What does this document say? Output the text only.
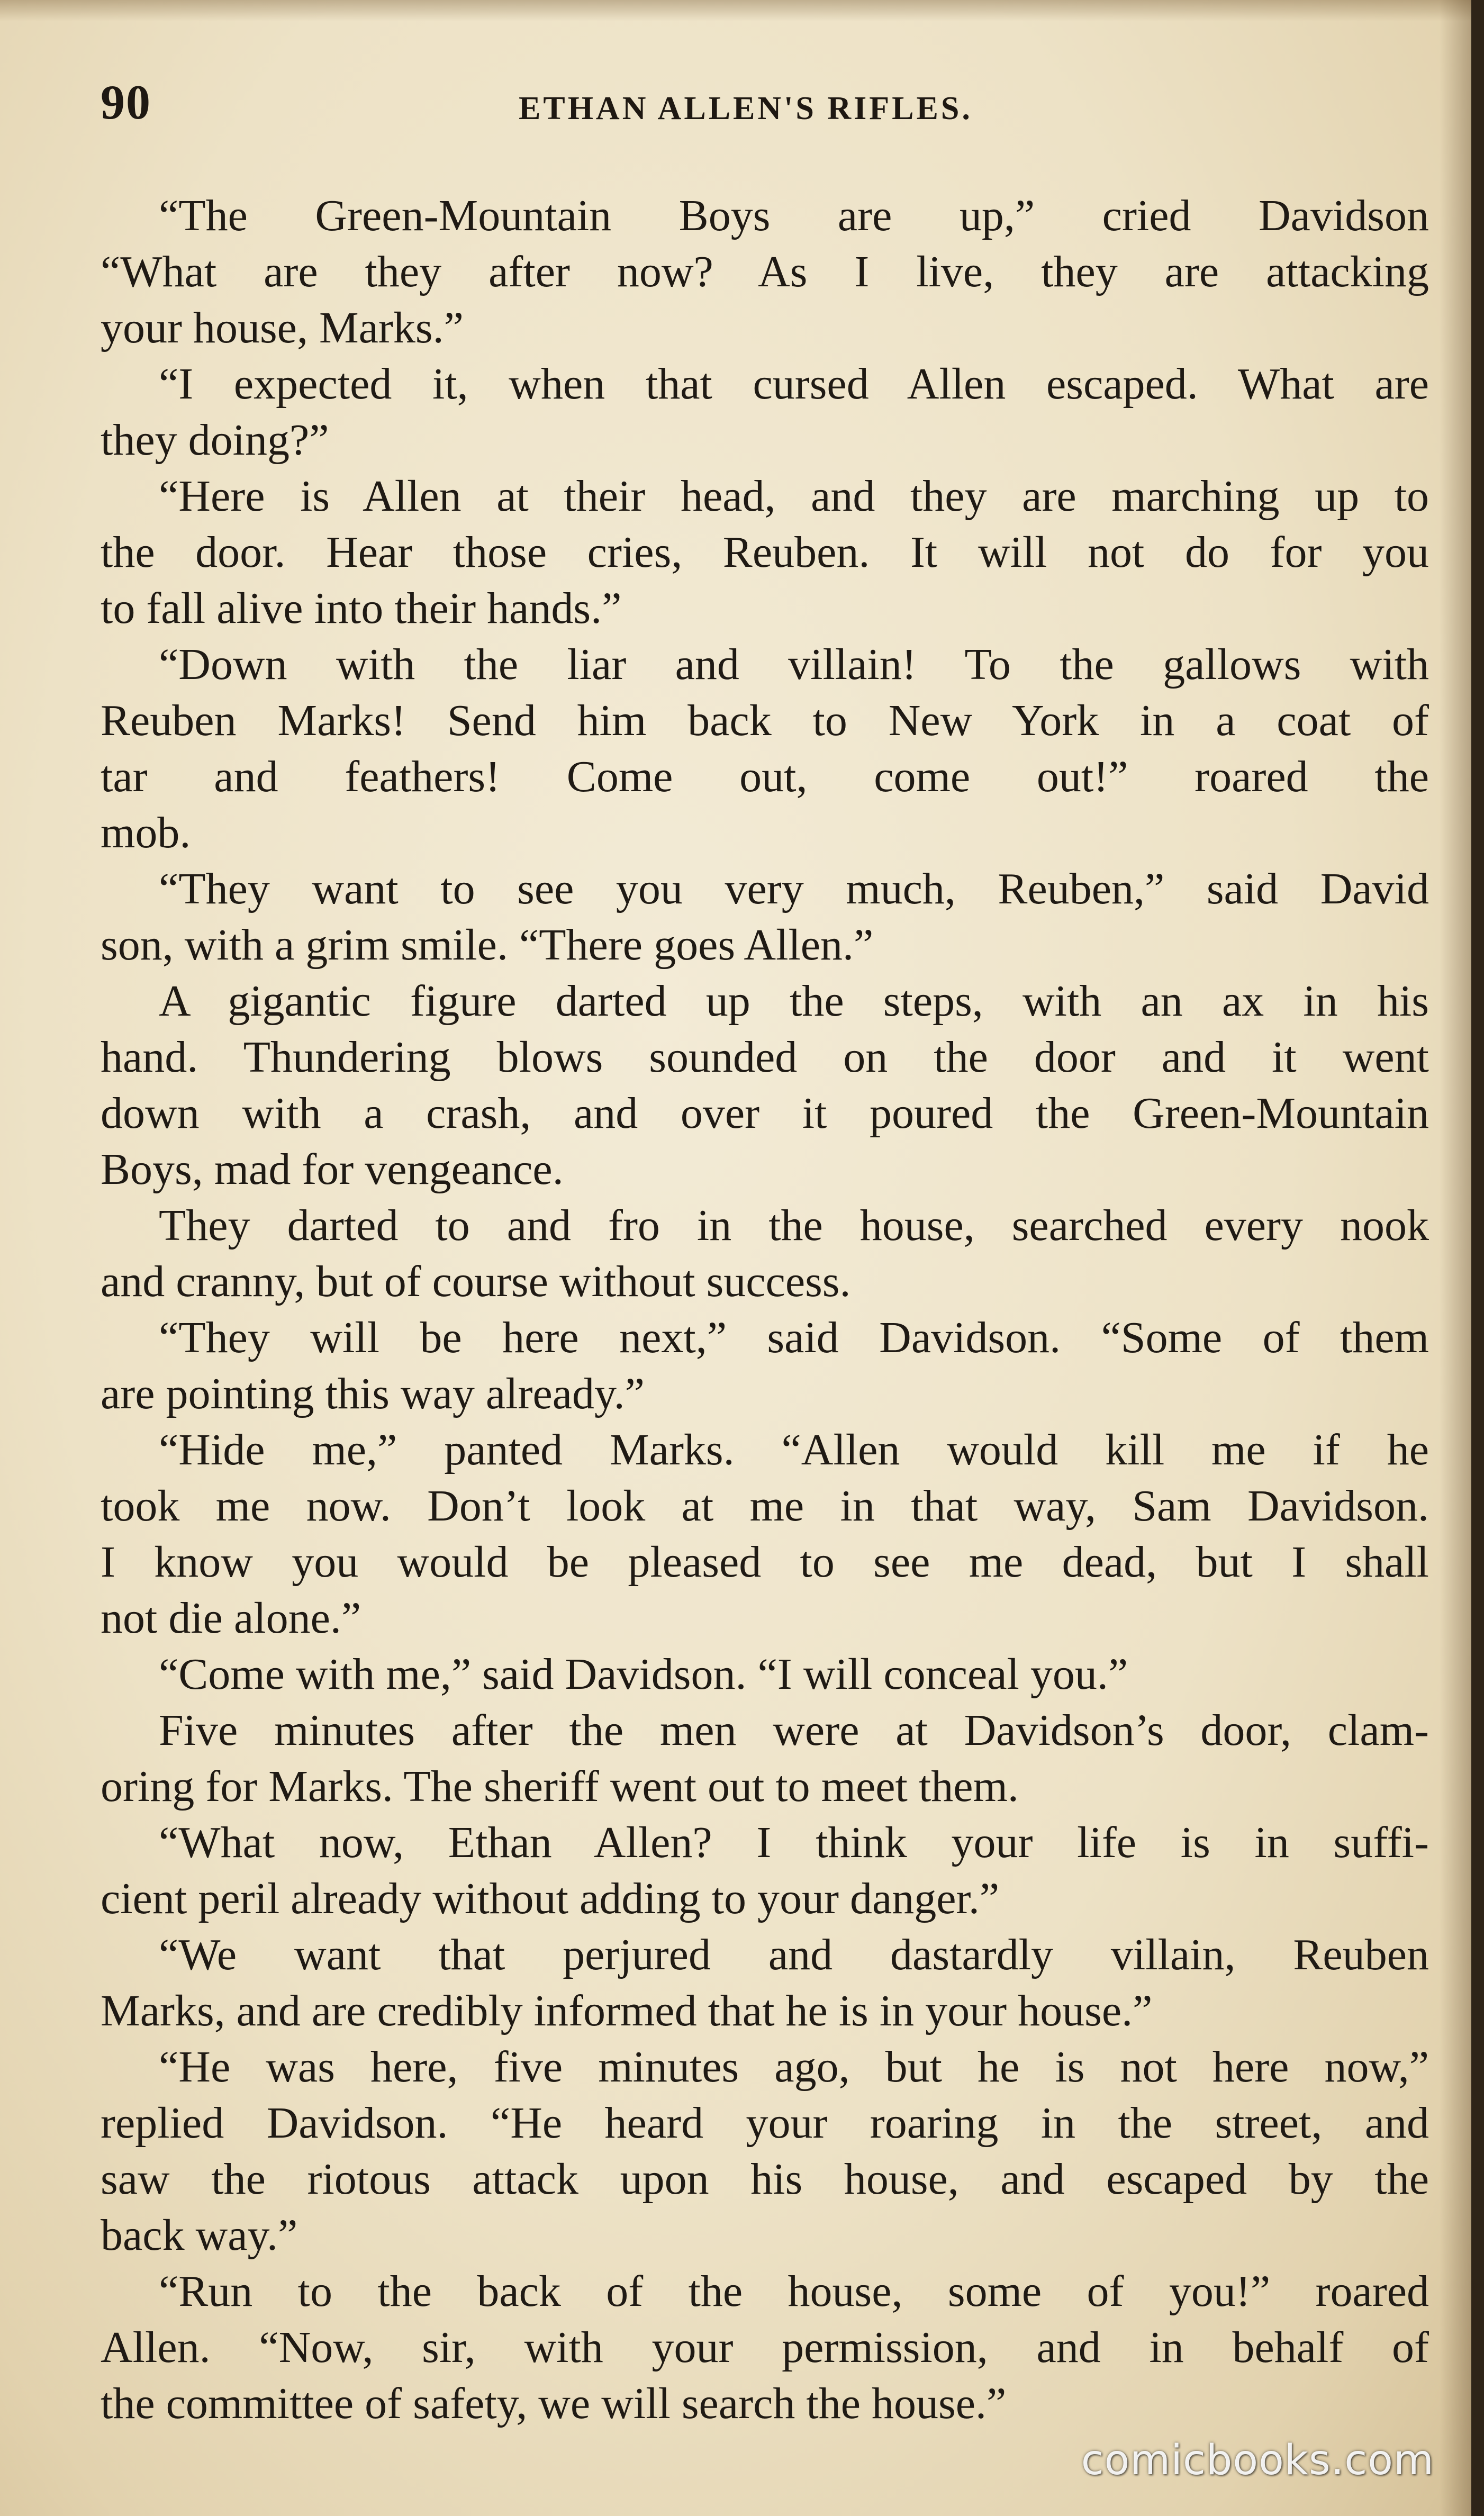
90	ETHAN ALLEN'S RIFLES.
“The Green-Mountain Boys are up,” cried Davidson
“What are they after now? As I live, they are attacking
your house, Marks.”
“I expected it, when that cursed Allen escaped. What are
they doing?”
“Here is Allen at their head, and they are marching up to
the door. Hear those cries, Reuben. It will not do for you
to fall alive into their hands.”
“Down with the liar and villain! To the gallows with
Reuben Marks! Send him back to New York in a coat of
tar and feathers! Come out, come out!” roared the
mob.
“They want to see you very much, Reuben,” said David
son, with a grim smile. “There goes Allen.”
A gigantic figure darted up the steps, with an ax in his
hand. Thundering blows sounded on the door and it went
down with a crash, and over it poured the Green-Mountain
Boys, mad for vengeance.
They darted to and fro in the house, searched every nook
and cranny, but of course without success.
“They will be here next,” said Davidson. “Some of them
are pointing this way already.”
“Hide me,” panted Marks. “Allen would kill me if he
took me now. Don’t look at me in that way, Sam Davidson.
I know you would be pleased to see me dead, but I shall
not die alone.”
“Come with me,” said Davidson. “I will conceal you.”
Five minutes after the men were at Davidson’s door, clam-
oring for Marks. The sheriff went out to meet them.
“What now, Ethan Allen? I think your life is in suffi-
cient peril already without adding to your danger.”
“We want that perjured and dastardly villain, Reuben
Marks, and are credibly informed that he is in your house.”
“He was here, five minutes ago, but he is not here now,”
replied Davidson. “He heard your roaring in the street, and
saw the riotous attack upon his house, and escaped by the
back way.”
“Run to the back of the house, some of you!” roared
Allen. “Now, sir, with your permission, and in behalf of
the committee of safety, we will search the house.”
comicbooks.com
